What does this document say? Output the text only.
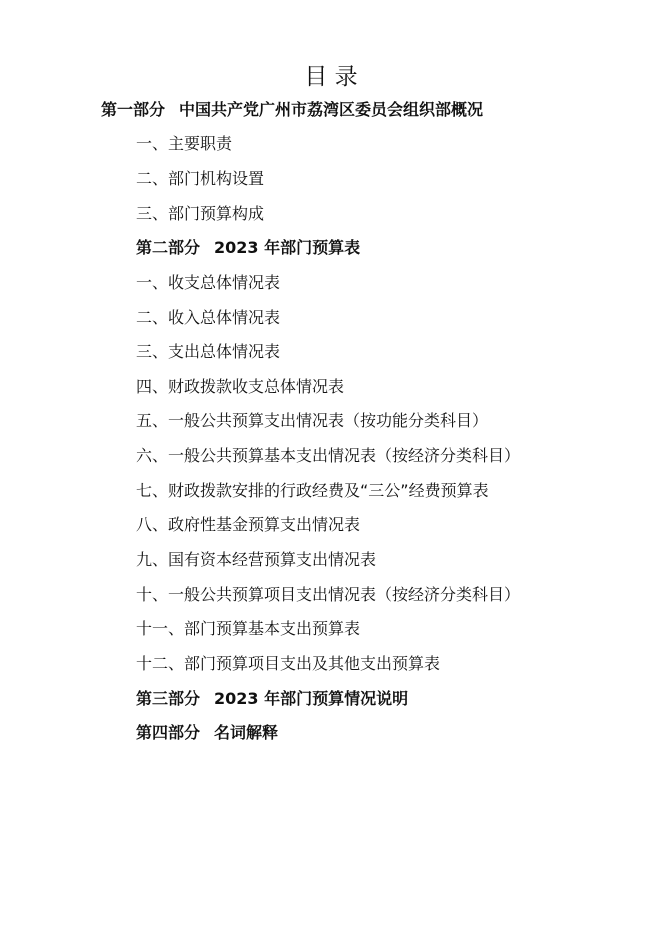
目 录
第一部分 中国共产党广州市荔湾区委员会组织部概况
一、主要职责
二、部门机构设置
三、部门预算构成
第二部分 2023 年部门预算表
一、收支总体情况表
二、收入总体情况表
三、支出总体情况表
四、财政拨款收支总体情况表
五、一般公共预算支出情况表（按功能分类科目）
六、一般公共预算基本支出情况表（按经济分类科目）
七、财政拨款安排的行政经费及“三公”经费预算表
八、政府性基金预算支出情况表
九、国有资本经营预算支出情况表
十、一般公共预算项目支出情况表（按经济分类科目）
十一、部门预算基本支出预算表
十二、部门预算项目支出及其他支出预算表
第三部分 2023 年部门预算情况说明
第四部分 名词解释
